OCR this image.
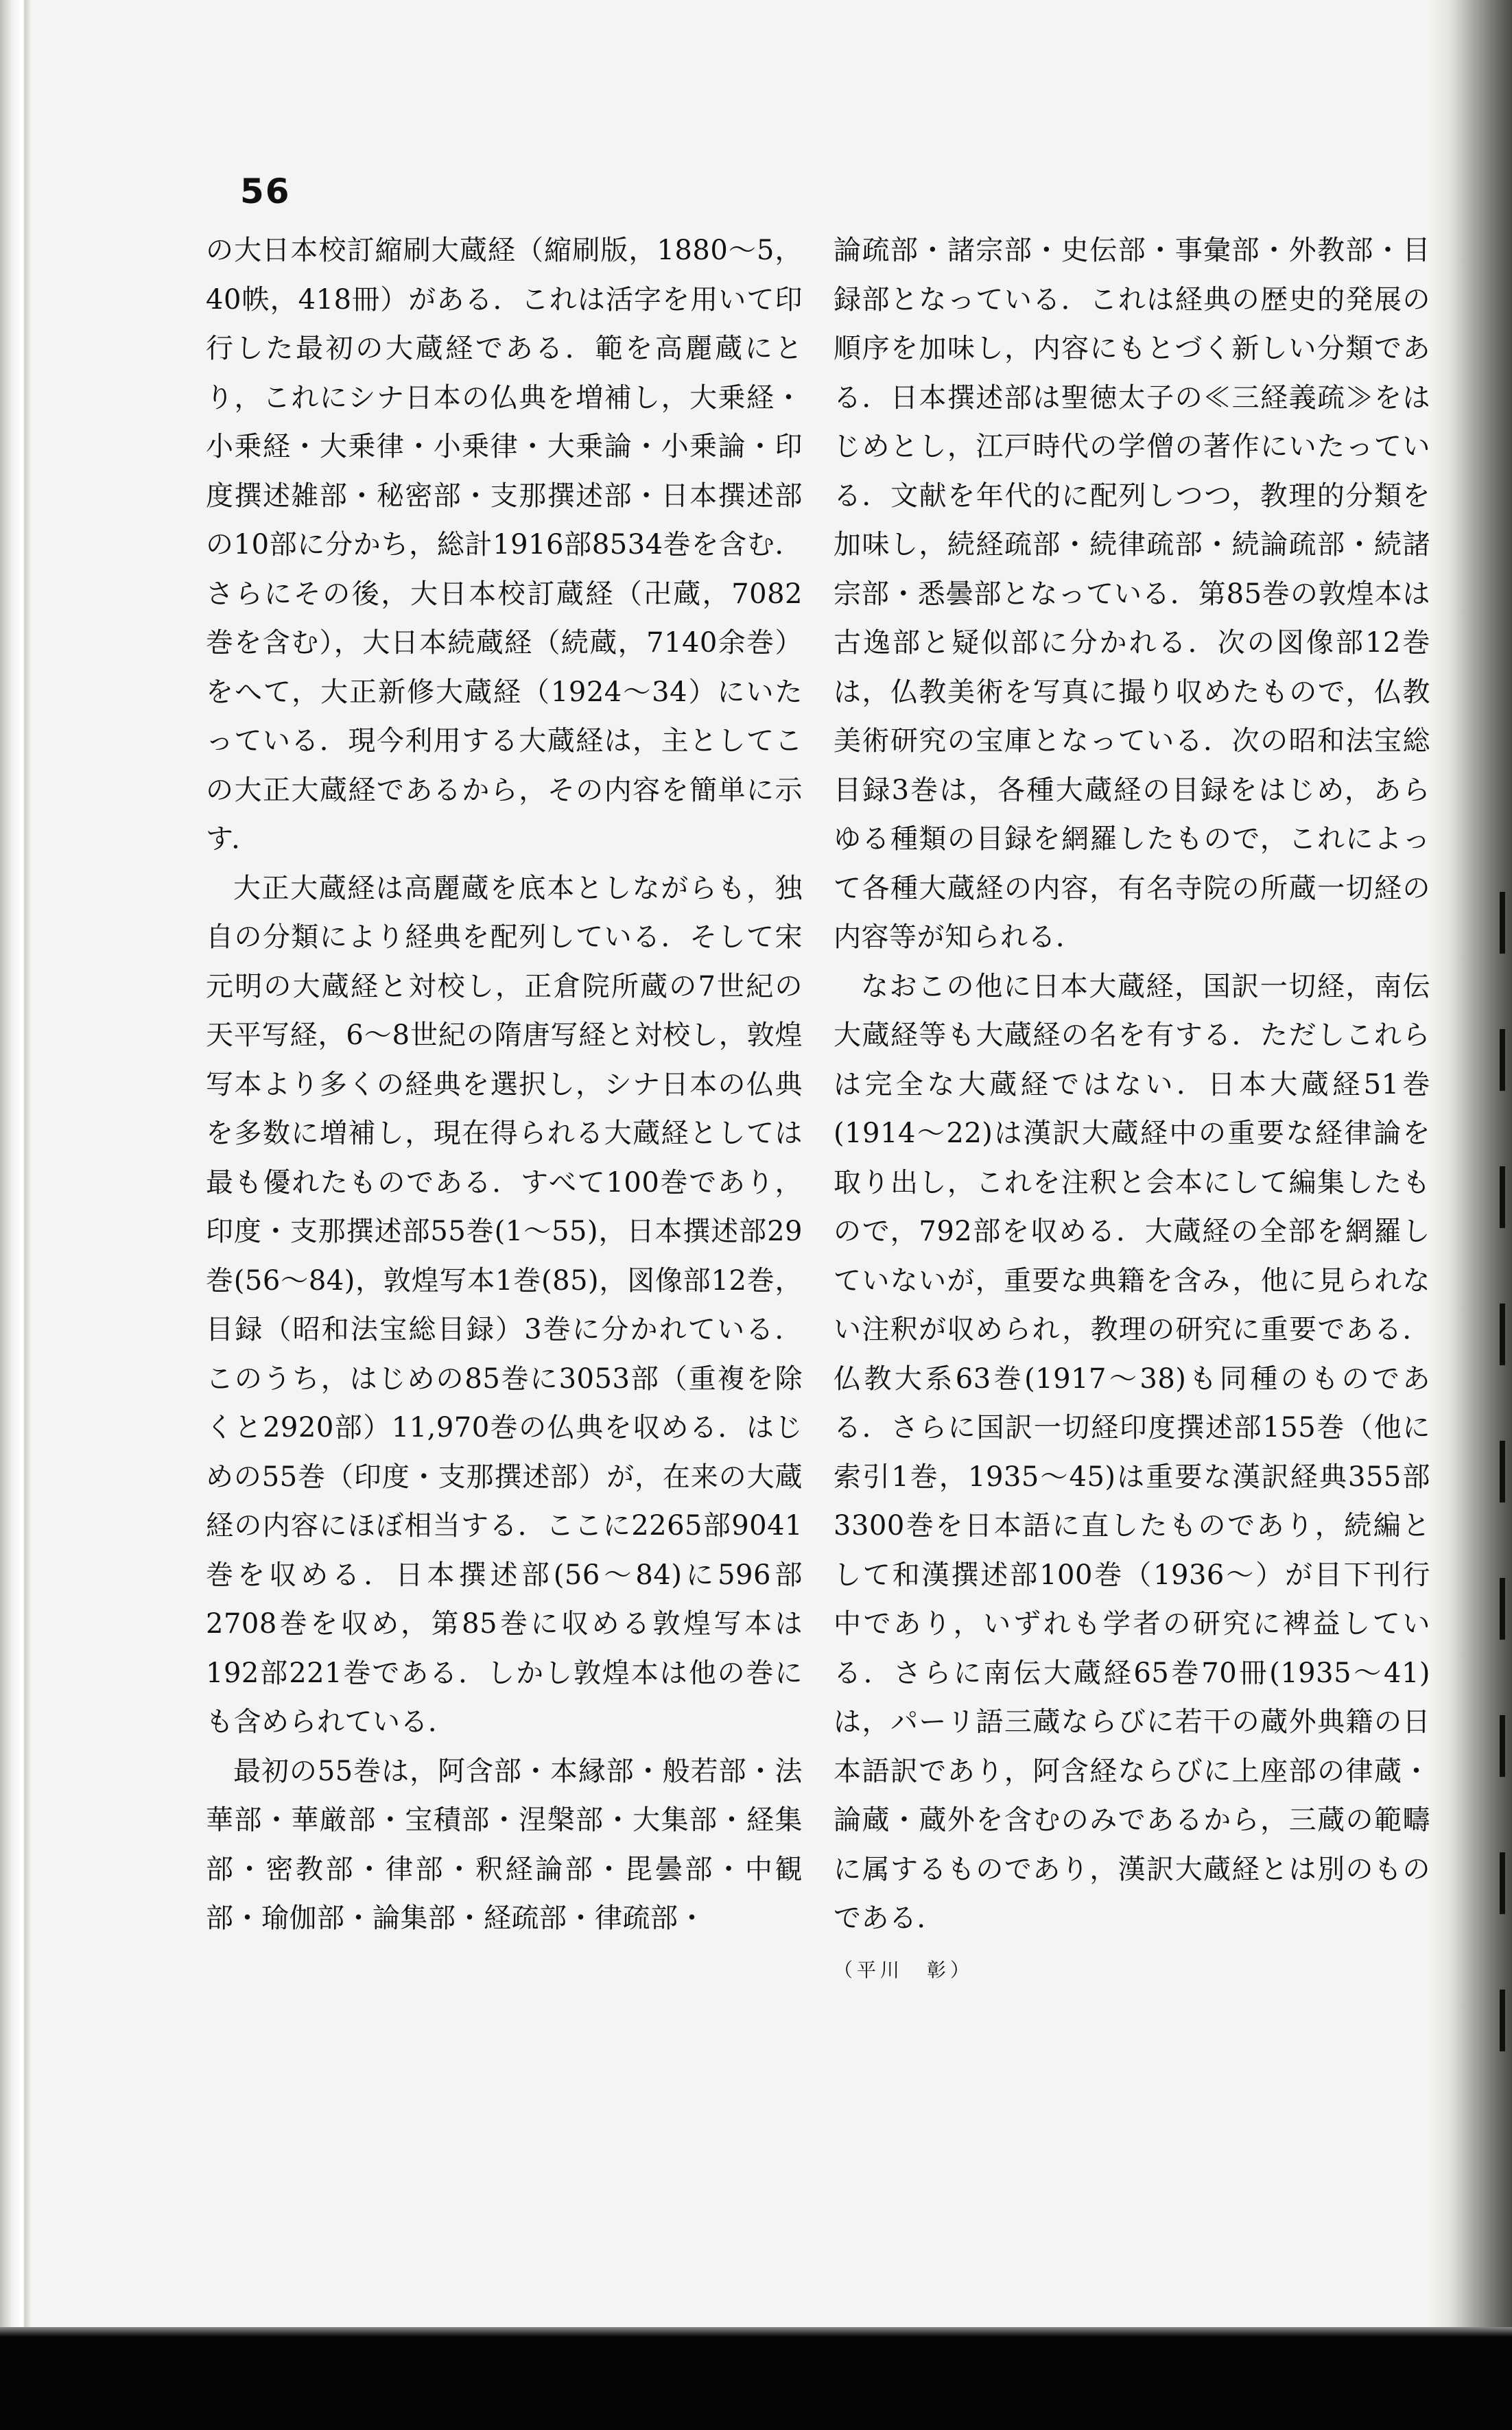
56

の大日本校訂縮刷大蔵経（縮刷版，1880～5，40帙，418冊）がある．これは活字を用いて印行した最初の大蔵経である．範を高麗蔵にとり，これにシナ日本の仏典を増補し，大乗経・小乗経・大乗律・小乗律・大乗論・小乗論・印度撰述雑部・秘密部・支那撰述部・日本撰述部の10部に分かち，総計1916部8534巻を含む．さらにその後，大日本校訂蔵経（卍蔵，7082巻を含む），大日本続蔵経（続蔵，7140余巻）をへて，大正新修大蔵経（1924～34）にいたっている．現今利用する大蔵経は，主としてこの大正大蔵経であるから，その内容を簡単に示す．

大正大蔵経は高麗蔵を底本としながらも，独自の分類により経典を配列している．そして宋元明の大蔵経と対校し，正倉院所蔵の7世紀の天平写経，6～8世紀の隋唐写経と対校し，敦煌写本より多くの経典を選択し，シナ日本の仏典を多数に増補し，現在得られる大蔵経としては最も優れたものである．すべて100巻であり，印度・支那撰述部55巻(1～55)，日本撰述部29巻(56～84)，敦煌写本1巻(85)，図像部12巻，目録（昭和法宝総目録）3巻に分かれている．このうち，はじめの85巻に3053部（重複を除くと2920部）11,970巻の仏典を収める．はじめの55巻（印度・支那撰述部）が，在来の大蔵経の内容にほぼ相当する．ここに2265部9041巻を収める．日本撰述部(56～84)に596部2708巻を収め，第85巻に収める敦煌写本は192部221巻である．しかし敦煌本は他の巻にも含められている．

最初の55巻は，阿含部・本縁部・般若部・法華部・華厳部・宝積部・涅槃部・大集部・経集部・密教部・律部・釈経論部・毘曇部・中観部・瑜伽部・論集部・経疏部・律疏部・

論疏部・諸宗部・史伝部・事彙部・外教部・目録部となっている．これは経典の歴史的発展の順序を加味し，内容にもとづく新しい分類である．日本撰述部は聖徳太子の≪三経義疏≫をはじめとし，江戸時代の学僧の著作にいたっている．文献を年代的に配列しつつ，教理的分類を加味し，続経疏部・続律疏部・続論疏部・続諸宗部・悉曇部となっている．第85巻の敦煌本は古逸部と疑似部に分かれる．次の図像部12巻は，仏教美術を写真に撮り収めたもので，仏教美術研究の宝庫となっている．次の昭和法宝総目録3巻は，各種大蔵経の目録をはじめ，あらゆる種類の目録を網羅したもので，これによって各種大蔵経の内容，有名寺院の所蔵一切経の内容等が知られる．

なおこの他に日本大蔵経，国訳一切経，南伝大蔵経等も大蔵経の名を有する．ただしこれらは完全な大蔵経ではない．日本大蔵経51巻(1914～22)は漢訳大蔵経中の重要な経律論を取り出し，これを注釈と会本にして編集したもので，792部を収める．大蔵経の全部を網羅していないが，重要な典籍を含み，他に見られない注釈が収められ，教理の研究に重要である．仏教大系63巻(1917～38)も同種のものである．さらに国訳一切経印度撰述部155巻（他に索引1巻，1935～45)は重要な漢訳経典355部3300巻を日本語に直したものであり，続編として和漢撰述部100巻（1936～）が目下刊行中であり，いずれも学者の研究に裨益している．さらに南伝大蔵経65巻70冊(1935～41)は，パーリ語三蔵ならびに若干の蔵外典籍の日本語訳であり，阿含経ならびに上座部の律蔵・論蔵・蔵外を含むのみであるから，三蔵の範疇に属するものであり，漢訳大蔵経とは別のものである．

（平川　彰）
